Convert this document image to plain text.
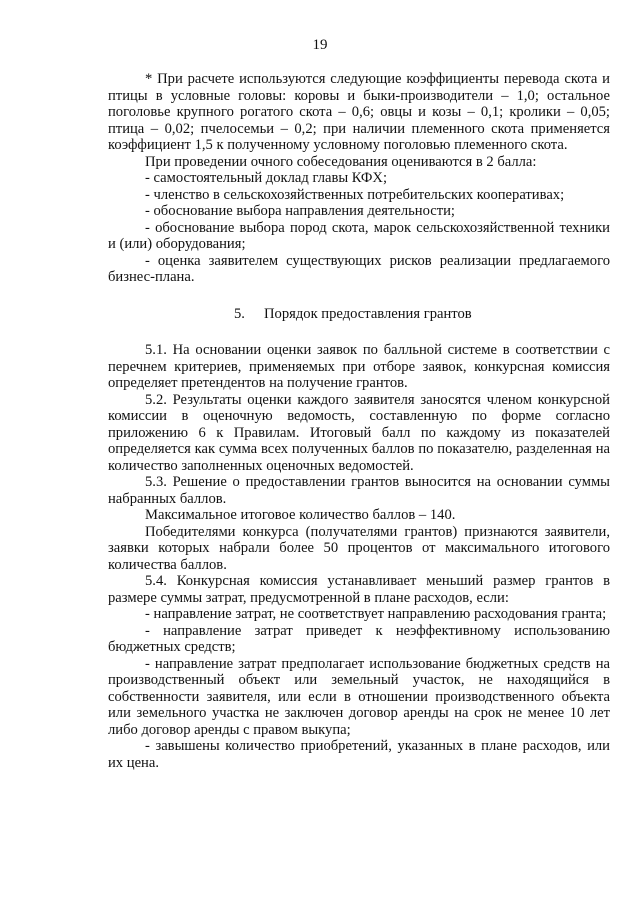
19

* При расчете используются следующие коэффициенты перевода скота и птицы в условные головы: коровы и быки-производители – 1,0; остальное поголовье крупного рогатого скота – 0,6; овцы и козы – 0,1; кролики – 0,05; птица – 0,02; пчелосемьи – 0,2; при наличии племенного скота применяется коэффициент 1,5 к полученному условному поголовью племенного скота.

При проведении очного собеседования оцениваются в 2 балла:

- самостоятельный доклад главы КФХ;

- членство в сельскохозяйственных потребительских кооперативах;

- обоснование выбора направления деятельности;

- обоснование выбора пород скота, марок сельскохозяйственной техники и (или) оборудования;

- оценка заявителем существующих рисков реализации предлагаемого бизнес-плана.

5. Порядок предоставления грантов

5.1. На основании оценки заявок по балльной системе в соответствии с перечнем критериев, применяемых при отборе заявок, конкурсная комиссия определяет претендентов на получение грантов.

5.2. Результаты оценки каждого заявителя заносятся членом конкурсной комиссии в оценочную ведомость, составленную по форме согласно приложению 6 к Правилам. Итоговый балл по каждому из показателей определяется как сумма всех полученных баллов по показателю, разделенная на количество заполненных оценочных ведомостей.

5.3. Решение о предоставлении грантов выносится на основании суммы набранных баллов.

Максимальное итоговое количество баллов – 140.

Победителями конкурса (получателями грантов) признаются заявители, заявки которых набрали более 50 процентов от максимального итогового количества баллов.

5.4. Конкурсная комиссия устанавливает меньший размер грантов в размере суммы затрат, предусмотренной в плане расходов, если:

- направление затрат, не соответствует направлению расходования гранта;

- направление затрат приведет к неэффективному использованию бюджетных средств;

- направление затрат предполагает использование бюджетных средств на производственный объект или земельный участок, не находящийся в собственности заявителя, или если в отношении производственного объекта или земельного участка не заключен договор аренды на срок не менее 10 лет либо договор аренды с правом выкупа;

- завышены количество приобретений, указанных в плане расходов, или их цена.
